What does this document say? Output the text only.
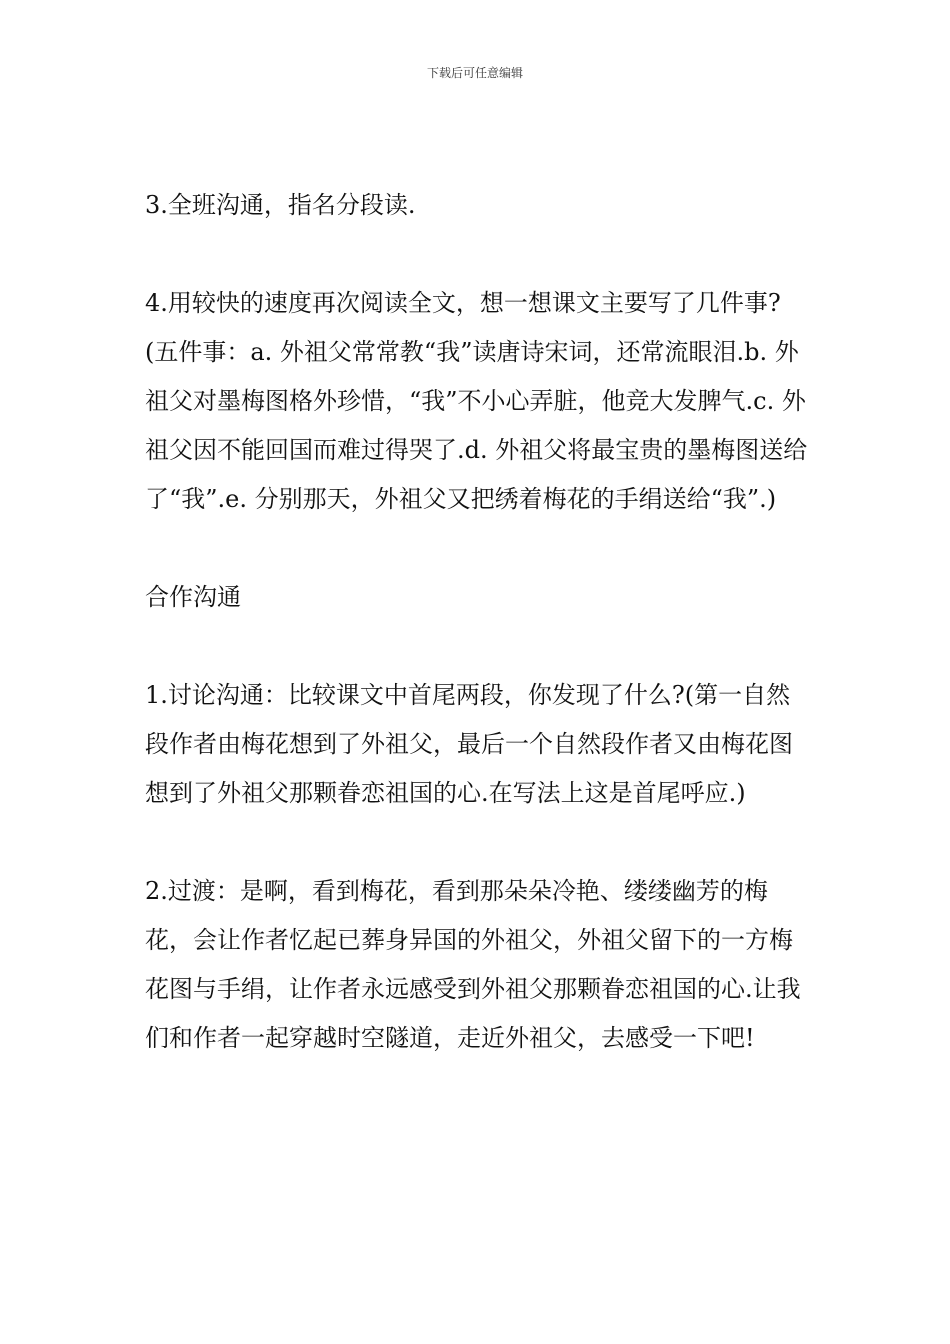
下载后可任意编辑

3.全班沟通，指名分段读.

4.用较快的速度再次阅读全文，想一想课文主要写了几件事?(五件事：a. 外祖父常常教“我”读唐诗宋词，还常流眼泪.b. 外祖父对墨梅图格外珍惜，“我”不小心弄脏，他竞大发脾气.c. 外祖父因不能回国而难过得哭了.d. 外祖父将最宝贵的墨梅图送给了“我”.e. 分别那天，外祖父又把绣着梅花的手绢送给“我”.)

合作沟通

1.讨论沟通：比较课文中首尾两段，你发现了什么?(第一自然段作者由梅花想到了外祖父，最后一个自然段作者又由梅花图想到了外祖父那颗眷恋祖国的心.在写法上这是首尾呼应.)

2.过渡：是啊，看到梅花，看到那朵朵冷艳、缕缕幽芳的梅花，会让作者忆起已葬身异国的外祖父，外祖父留下的一方梅花图与手绢，让作者永远感受到外祖父那颗眷恋祖国的心.让我们和作者一起穿越时空隧道，走近外祖父，去感受一下吧!
